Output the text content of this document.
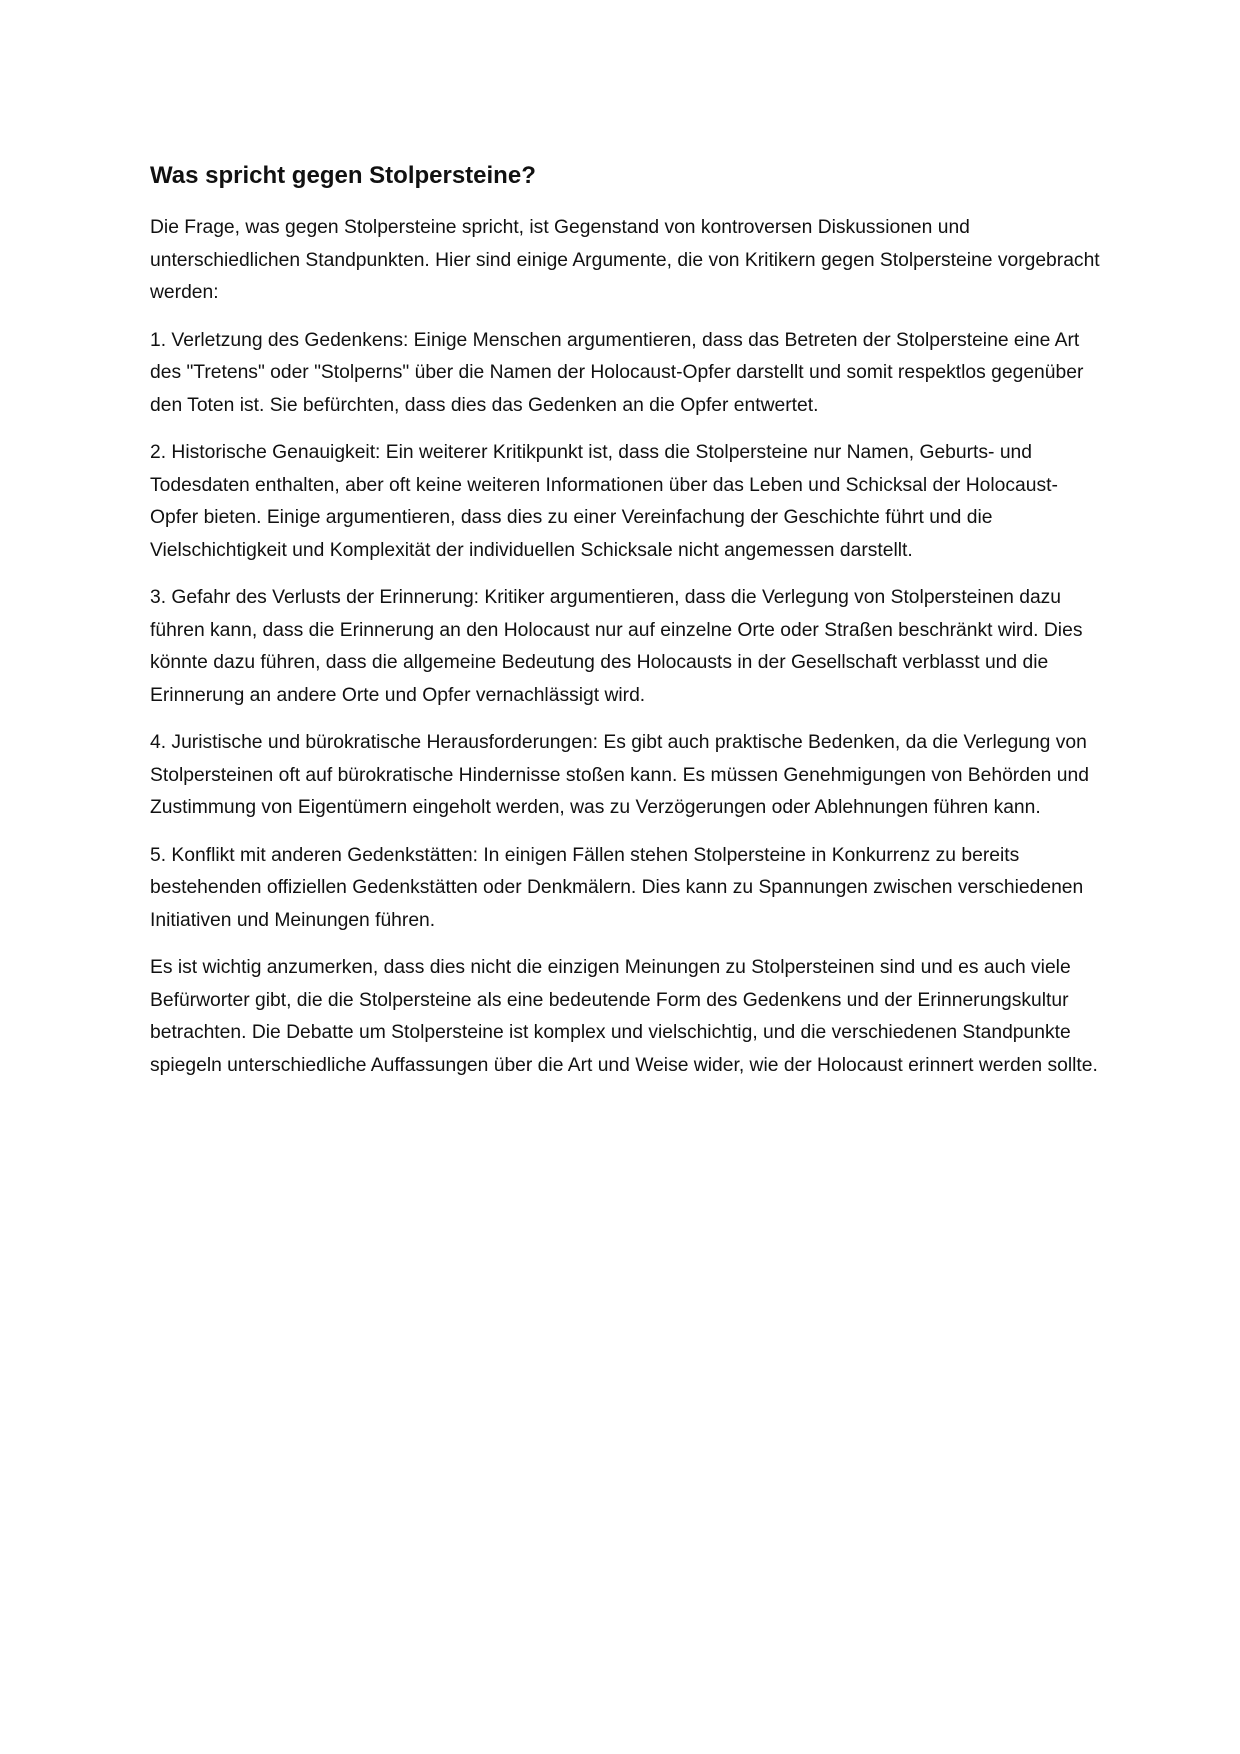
Was spricht gegen Stolpersteine?

Die Frage, was gegen Stolpersteine spricht, ist Gegenstand von kontroversen Diskussionen und unterschiedlichen Standpunkten. Hier sind einige Argumente, die von Kritikern gegen Stolpersteine vorgebracht werden:

1. Verletzung des Gedenkens: Einige Menschen argumentieren, dass das Betreten der Stolpersteine eine Art des "Tretens" oder "Stolperns" über die Namen der Holocaust-Opfer darstellt und somit respektlos gegenüber den Toten ist. Sie befürchten, dass dies das Gedenken an die Opfer entwertet.

2. Historische Genauigkeit: Ein weiterer Kritikpunkt ist, dass die Stolpersteine nur Namen, Geburts- und Todesdaten enthalten, aber oft keine weiteren Informationen über das Leben und Schicksal der Holocaust-Opfer bieten. Einige argumentieren, dass dies zu einer Vereinfachung der Geschichte führt und die Vielschichtigkeit und Komplexität der individuellen Schicksale nicht angemessen darstellt.

3. Gefahr des Verlusts der Erinnerung: Kritiker argumentieren, dass die Verlegung von Stolpersteinen dazu führen kann, dass die Erinnerung an den Holocaust nur auf einzelne Orte oder Straßen beschränkt wird. Dies könnte dazu führen, dass die allgemeine Bedeutung des Holocausts in der Gesellschaft verblasst und die Erinnerung an andere Orte und Opfer vernachlässigt wird.

4. Juristische und bürokratische Herausforderungen: Es gibt auch praktische Bedenken, da die Verlegung von Stolpersteinen oft auf bürokratische Hindernisse stoßen kann. Es müssen Genehmigungen von Behörden und Zustimmung von Eigentümern eingeholt werden, was zu Verzögerungen oder Ablehnungen führen kann.

5. Konflikt mit anderen Gedenkstätten: In einigen Fällen stehen Stolpersteine in Konkurrenz zu bereits bestehenden offiziellen Gedenkstätten oder Denkmälern. Dies kann zu Spannungen zwischen verschiedenen Initiativen und Meinungen führen.

Es ist wichtig anzumerken, dass dies nicht die einzigen Meinungen zu Stolpersteinen sind und es auch viele Befürworter gibt, die die Stolpersteine als eine bedeutende Form des Gedenkens und der Erinnerungskultur betrachten. Die Debatte um Stolpersteine ist komplex und vielschichtig, und die verschiedenen Standpunkte spiegeln unterschiedliche Auffassungen über die Art und Weise wider, wie der Holocaust erinnert werden sollte.
